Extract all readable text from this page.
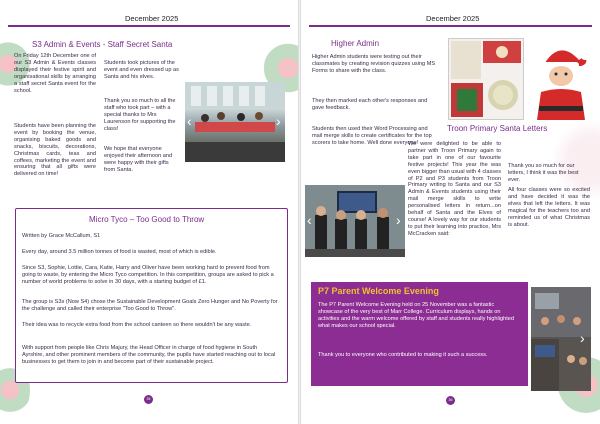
December 2025
S3 Admin & Events - Staff Secret Santa

On Friday 12th December one of our S3 Admin & Events classes displayed their festive spirit and organisational skills by arranging a staff secret Santa event for the school.

Students have been planning the event by booking the venue, organising baked goods and snacks, biscuits, decorations, Christmas cards, teas and coffees, marketing the event and ensuring that all gifts were delivered on time!

Students took pictures of the event and even dressed up as Santa and his elves.

Thank you so much to all the staff who took part – with a special thanks to Mrs Laurenson for supporting the class!

We hope that everyone enjoyed their afternoon and were happy with their gifts from Santa.

‹	›
Micro Tyco – Too Good to Throw

Written by Grace McCallum, S1

Every day, around 3.5 million tonnes of food is wasted, most of which is edible.

Since S3, Sophie, Lottie, Cara, Katie, Harry and Oliver have been working hard to prevent food from going to waste, by entering the Micro Tyco competition. In this competition, groups are asked to pick a number of world problems to solve in 30 days, with a starting budget of £1.

The group is S3s (Now S4) chose the Sustainable Development Goals Zero Hunger and No Poverty for the challenge and called their enterprise "Too Good to Throw".

Their idea was to recycle extra food from the school canteen so there wouldn't be any waste.

With support from people like Chris Majury, the Head Officer in charge of food hygiene in South Ayrshire, and other prominent members of the community, the pupils have started reaching out to local businesses to get them to join in and become part of their sustainable project.

35
December 2025
Higher Admin

Higher Admin students were testing out their classmates by creating revision quizzes using MS Forms to share with the class.

They then marked each other's responses and gave feedback.

Students then used their Word Processing and mail merge skills to create certificates for the top scorers to take home. Well done everyone!

Troon Primary Santa Letters
‹	›

We were delighted to be able to partner with Troon Primary again to take part in one of our favourite festive projects! This year the was even bigger than usual with 4 classes of P2 and P3 students from Troon Primary writing to Santa and our S3 Admin & Events students using their mail merge skills to write personalised letters in return...on behalf of Santa and the Elves of course! A lovely way for our students to put their learning into practice, Mrs McCracken said:

Thank you so much for our letters, I think it was the best ever.

All four classes were so excited and have decided it was the elves that left the letters. It was magical for the teachers too and reminded us of what Christmas is about.

P7 Parent Welcome Evening

The P7 Parent Welcome Evening held on 25 November was a fantastic showcase of the very best of Marr College. Curriculum displays, hands on activities and the warm welcome offered by staff and students really highlighted what makes our school special.

Thank you to everyone who contributed to making it such a success.

›
36
